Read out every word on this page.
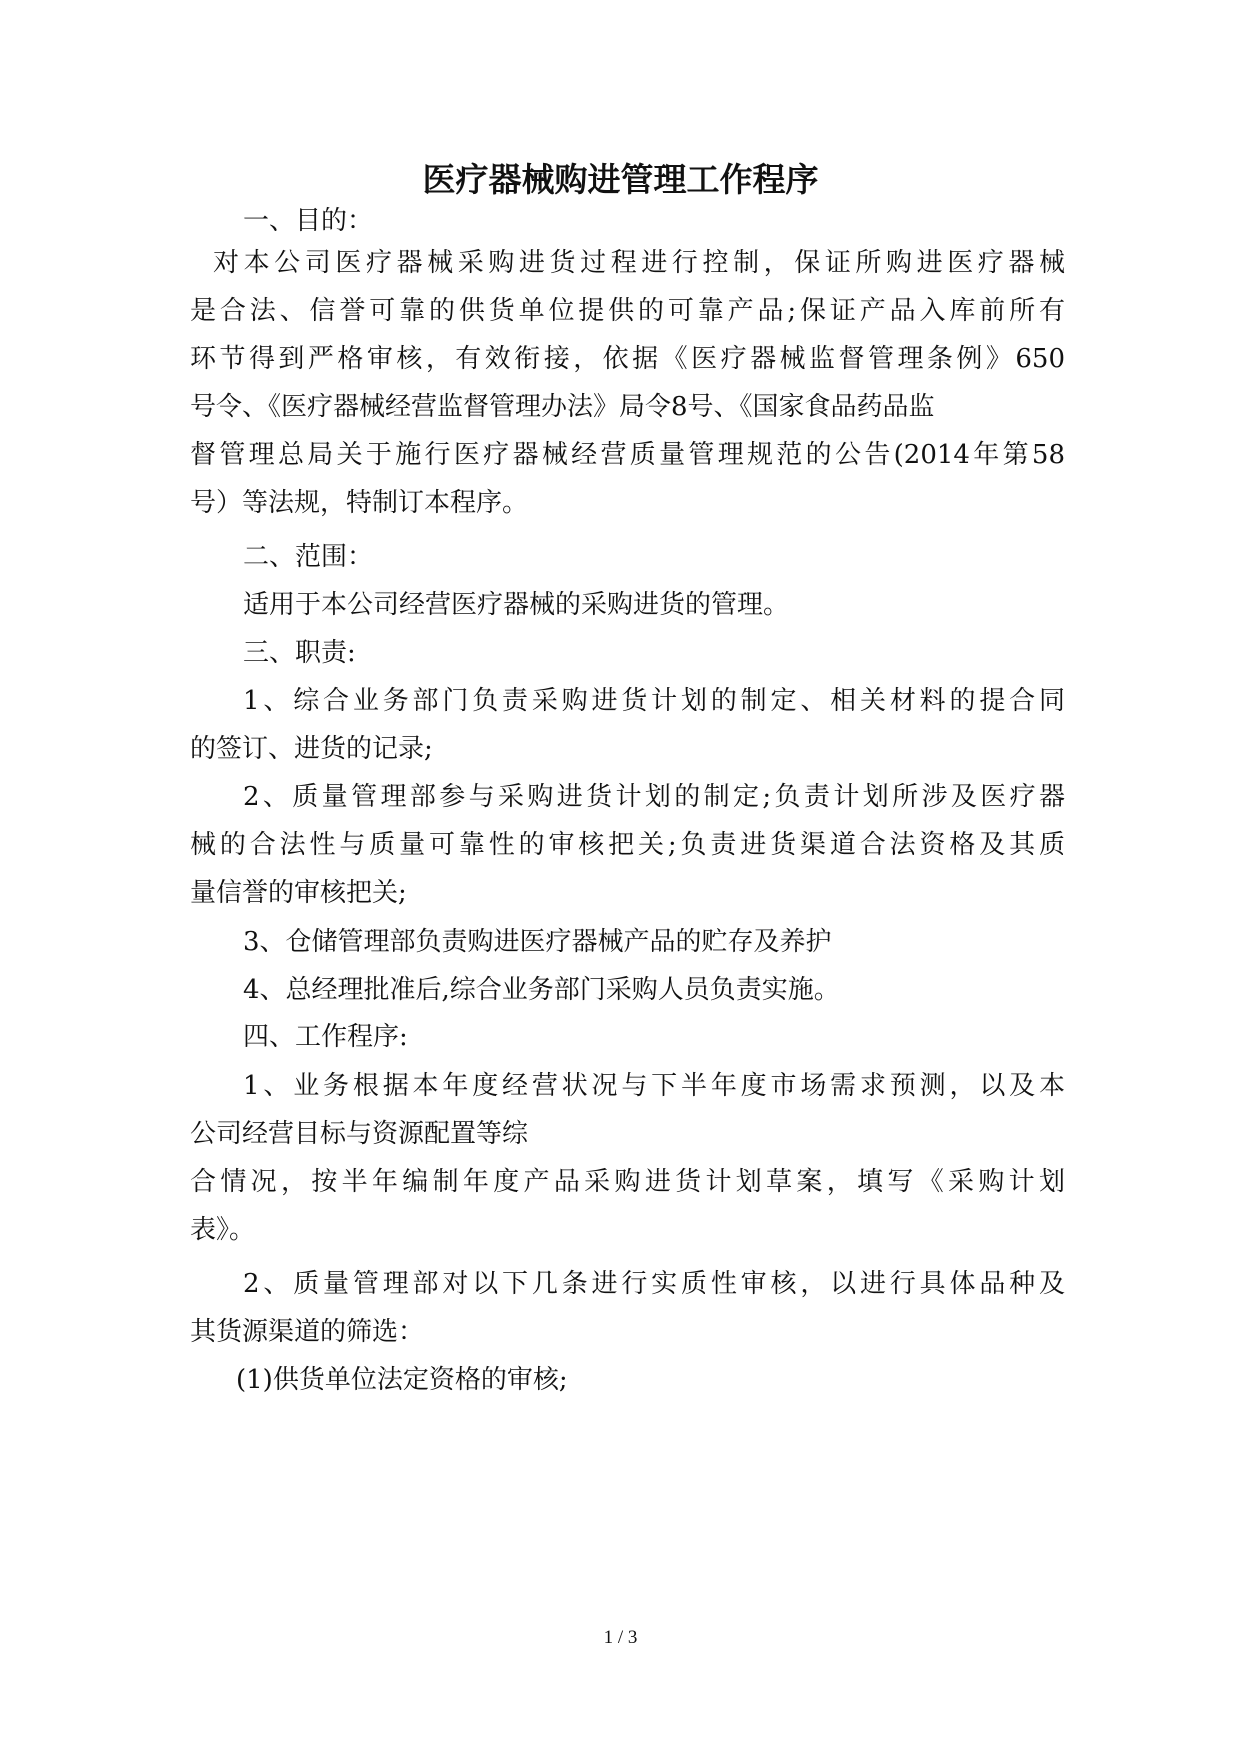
医疗器械购进管理工作程序

一、目的：

对本公司医疗器械采购进货过程进行控制，保证所购进医疗器械

是合法、信誉可靠的供货单位提供的可靠产品;保证产品入库前所有

环节得到严格审核，有效衔接，依据《医疗器械监督管理条例》650

号令、《医疗器械经营监督管理办法》局令8号、《国家食品药品监

督管理总局关于施行医疗器械经营质量管理规范的公告(2014年第58

号）等法规，特制订本程序。

二、范围：

适用于本公司经营医疗器械的采购进货的管理。

三、职责:

1、综合业务部门负责采购进货计划的制定、相关材料的提合同

的签订、进货的记录;

2、质量管理部参与采购进货计划的制定;负责计划所涉及医疗器

械的合法性与质量可靠性的审核把关;负责进货渠道合法资格及其质

量信誉的审核把关;

3、仓储管理部负责购进医疗器械产品的贮存及养护

4、总经理批准后,综合业务部门采购人员负责实施。

四、工作程序:

1、业务根据本年度经营状况与下半年度市场需求预测，以及本

公司经营目标与资源配置等综

合情况，按半年编制年度产品采购进货计划草案，填写《采购计划

表》。

2、质量管理部对以下几条进行实质性审核，以进行具体品种及

其货源渠道的筛选：

(1)供货单位法定资格的审核;

1 / 3
